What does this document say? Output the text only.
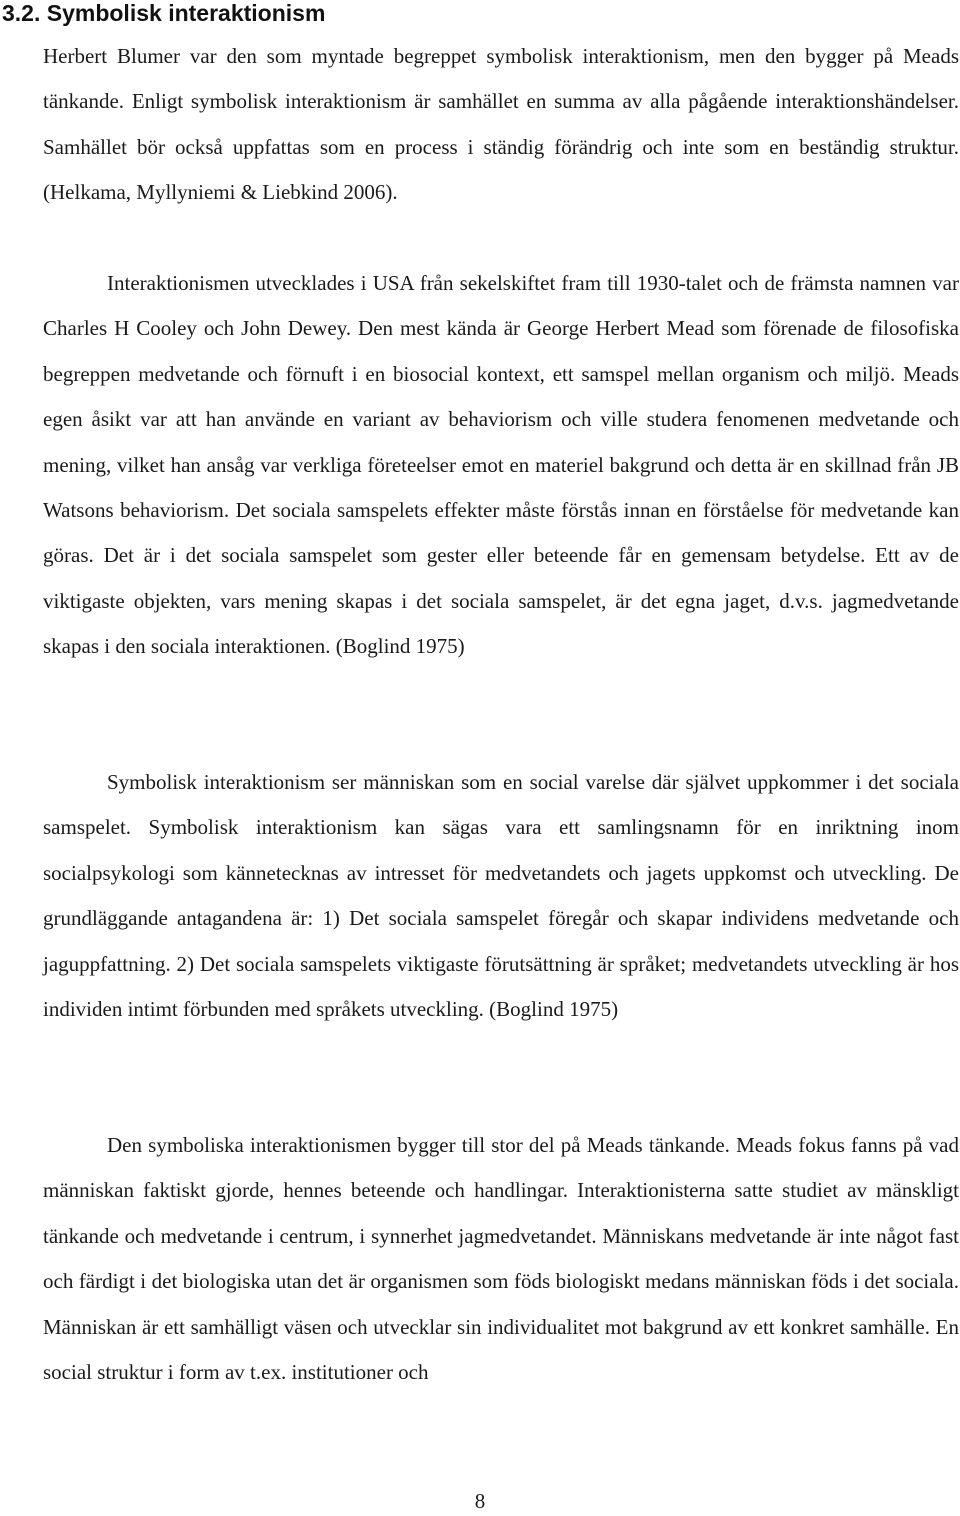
3.2. Symbolisk interaktionism

Herbert Blumer var den som myntade begreppet symbolisk interaktionism, men den bygger på Meads tänkande. Enligt symbolisk interaktionism är samhället en summa av alla pågående interaktionshändelser. Samhället bör också uppfattas som en process i ständig förändrig och inte som en beständig struktur. (Helkama, Myllyniemi & Liebkind 2006).

Interaktionismen utvecklades i USA från sekelskiftet fram till 1930-talet och de främsta namnen var Charles H Cooley och John Dewey. Den mest kända är George Herbert Mead som förenade de filosofiska begreppen medvetande och förnuft i en biosocial kontext, ett samspel mellan organism och miljö. Meads egen åsikt var att han använde en variant av behaviorism och ville studera fenomenen medvetande och mening, vilket han ansåg var verkliga företeelser emot en materiel bakgrund och detta är en skillnad från JB Watsons behaviorism. Det sociala samspelets effekter måste förstås innan en förståelse för medvetande kan göras. Det är i det sociala samspelet som gester eller beteende får en gemensam betydelse. Ett av de viktigaste objekten, vars mening skapas i det sociala samspelet, är det egna jaget, d.v.s. jagmedvetande skapas i den sociala interaktionen. (Boglind 1975)

Symbolisk interaktionism ser människan som en social varelse där självet uppkommer i det sociala samspelet. Symbolisk interaktionism kan sägas vara ett samlingsnamn för en inriktning inom socialpsykologi som kännetecknas av intresset för medvetandets och jagets uppkomst och utveckling. De grundläggande antagandena är: 1) Det sociala samspelet föregår och skapar individens medvetande och jaguppfattning. 2) Det sociala samspelets viktigaste förutsättning är språket; medvetandets utveckling är hos individen intimt förbunden med språkets utveckling. (Boglind 1975)

Den symboliska interaktionismen bygger till stor del på Meads tänkande. Meads fokus fanns på vad människan faktiskt gjorde, hennes beteende och handlingar. Interaktionisterna satte studiet av mänskligt tänkande och medvetande i centrum, i synnerhet jagmedvetandet. Människans medvetande är inte något fast och färdigt i det biologiska utan det är organismen som föds biologiskt medans människan föds i det sociala. Människan är ett samhälligt väsen och utvecklar sin individualitet mot bakgrund av ett konkret samhälle. En social struktur i form av t.ex. institutioner och

8
